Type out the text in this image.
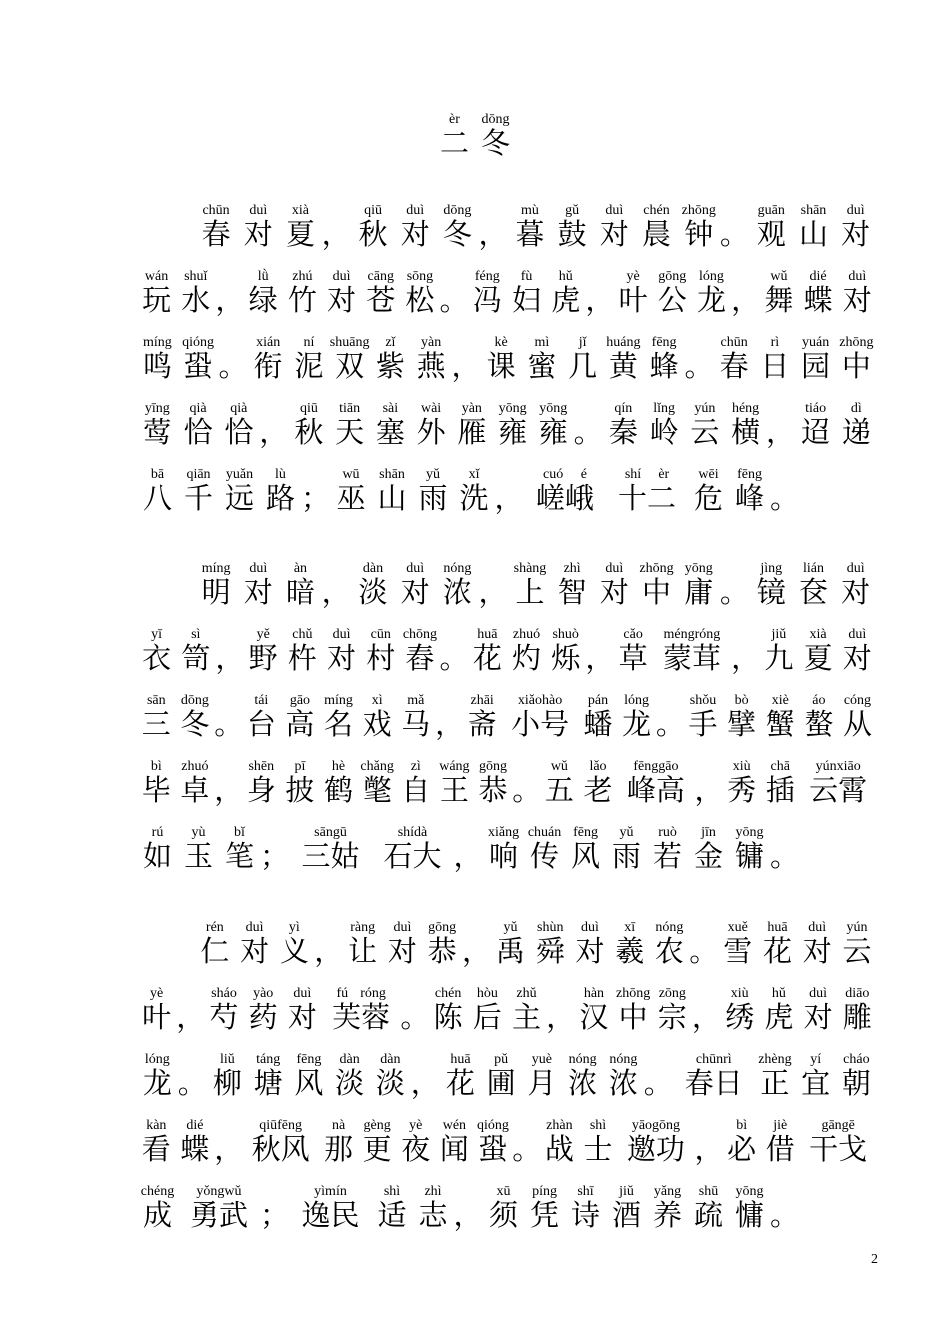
二èr冬dōng
春chūn对duì夏xià， 秋qiū对duì冬dōng， 暮mù鼓gǔ对duì晨chén钟zhōng。 观guān山shān对duì
玩wán水shuǐ， 绿lǜ竹zhú对duì苍cāng松sōng。 冯féng妇fù虎hǔ， 叶yè公gōng龙lóng， 舞wǔ蝶dié对duì
鸣míng蛩qióng。 衔xián泥ní双shuāng紫zǐ燕yàn， 课kè蜜mì几jǐ黄huáng蜂fēng。 春chūn日rì园yuán中zhōng
莺yīng恰qià恰qià， 秋qiū天tiān塞sài外wài雁yàn雍yōng雍yōng。 秦qín岭lǐng云yún横héng， 迢tiáo递dì
八bā千qiān远yuǎn路lù； 巫wū山shān雨yǔ洗xǐ， 嵯峨cuó é十二shí èr危wēi峰fēng。
明míng对duì暗àn， 淡dàn对duì浓nóng， 上shàng智zhì对duì中zhōng庸yōng。 镜jìng奁lián对duì
衣yī笥sì， 野yě杵chǔ对duì村cūn舂chōng。 花huā灼zhuó烁shuò， 草cǎo蒙茸méngróng， 九jiǔ夏xià对duì
三sān冬dōng。 台tái高gāo名míng戏xì马mǎ， 斋zhāi小号xiǎohào蟠pán龙lóng。 手shǒu擘bò蟹xiè螯áo从cóng
毕bì卓zhuó， 身shēn披pī鹤hè氅chǎng自zì王wáng恭gōng。 五wǔ老lǎo峰高fēnggāo， 秀xiù插chā云霄yúnxiāo
如rú玉yù笔bǐ； 三姑sāngū石大shídà， 响xiǎng传chuán风fēng雨yǔ若ruò金jīn镛yōng。
仁rén对duì义yì， 让ràng对duì恭gōng， 禹yǔ舜shùn对duì羲xī农nóng。 雪xuě花huā对duì云yún
叶yè， 芍sháo药yào对duì芙蓉fú róng。 陈chén后hòu主zhǔ， 汉hàn中zhōng宗zōng， 绣xiù虎hǔ对duì雕diāo
龙lóng。 柳liǔ塘táng风fēng淡dàn淡dàn， 花huā圃pǔ月yuè浓nóng浓nóng。 春日chūnrì正zhèng宜yí朝cháo
看kàn蝶dié， 秋风qiūfēng那nà更gèng夜yè闻wén蛩qióng。 战zhàn士shì邀功yāogōng， 必bì借jiè干戈gāngē
成chéng勇武yǒngwǔ； 逸民yìmín适shì志zhì， 须xū凭píng诗shī酒jiǔ养yǎng疏shū慵yōng。
2
